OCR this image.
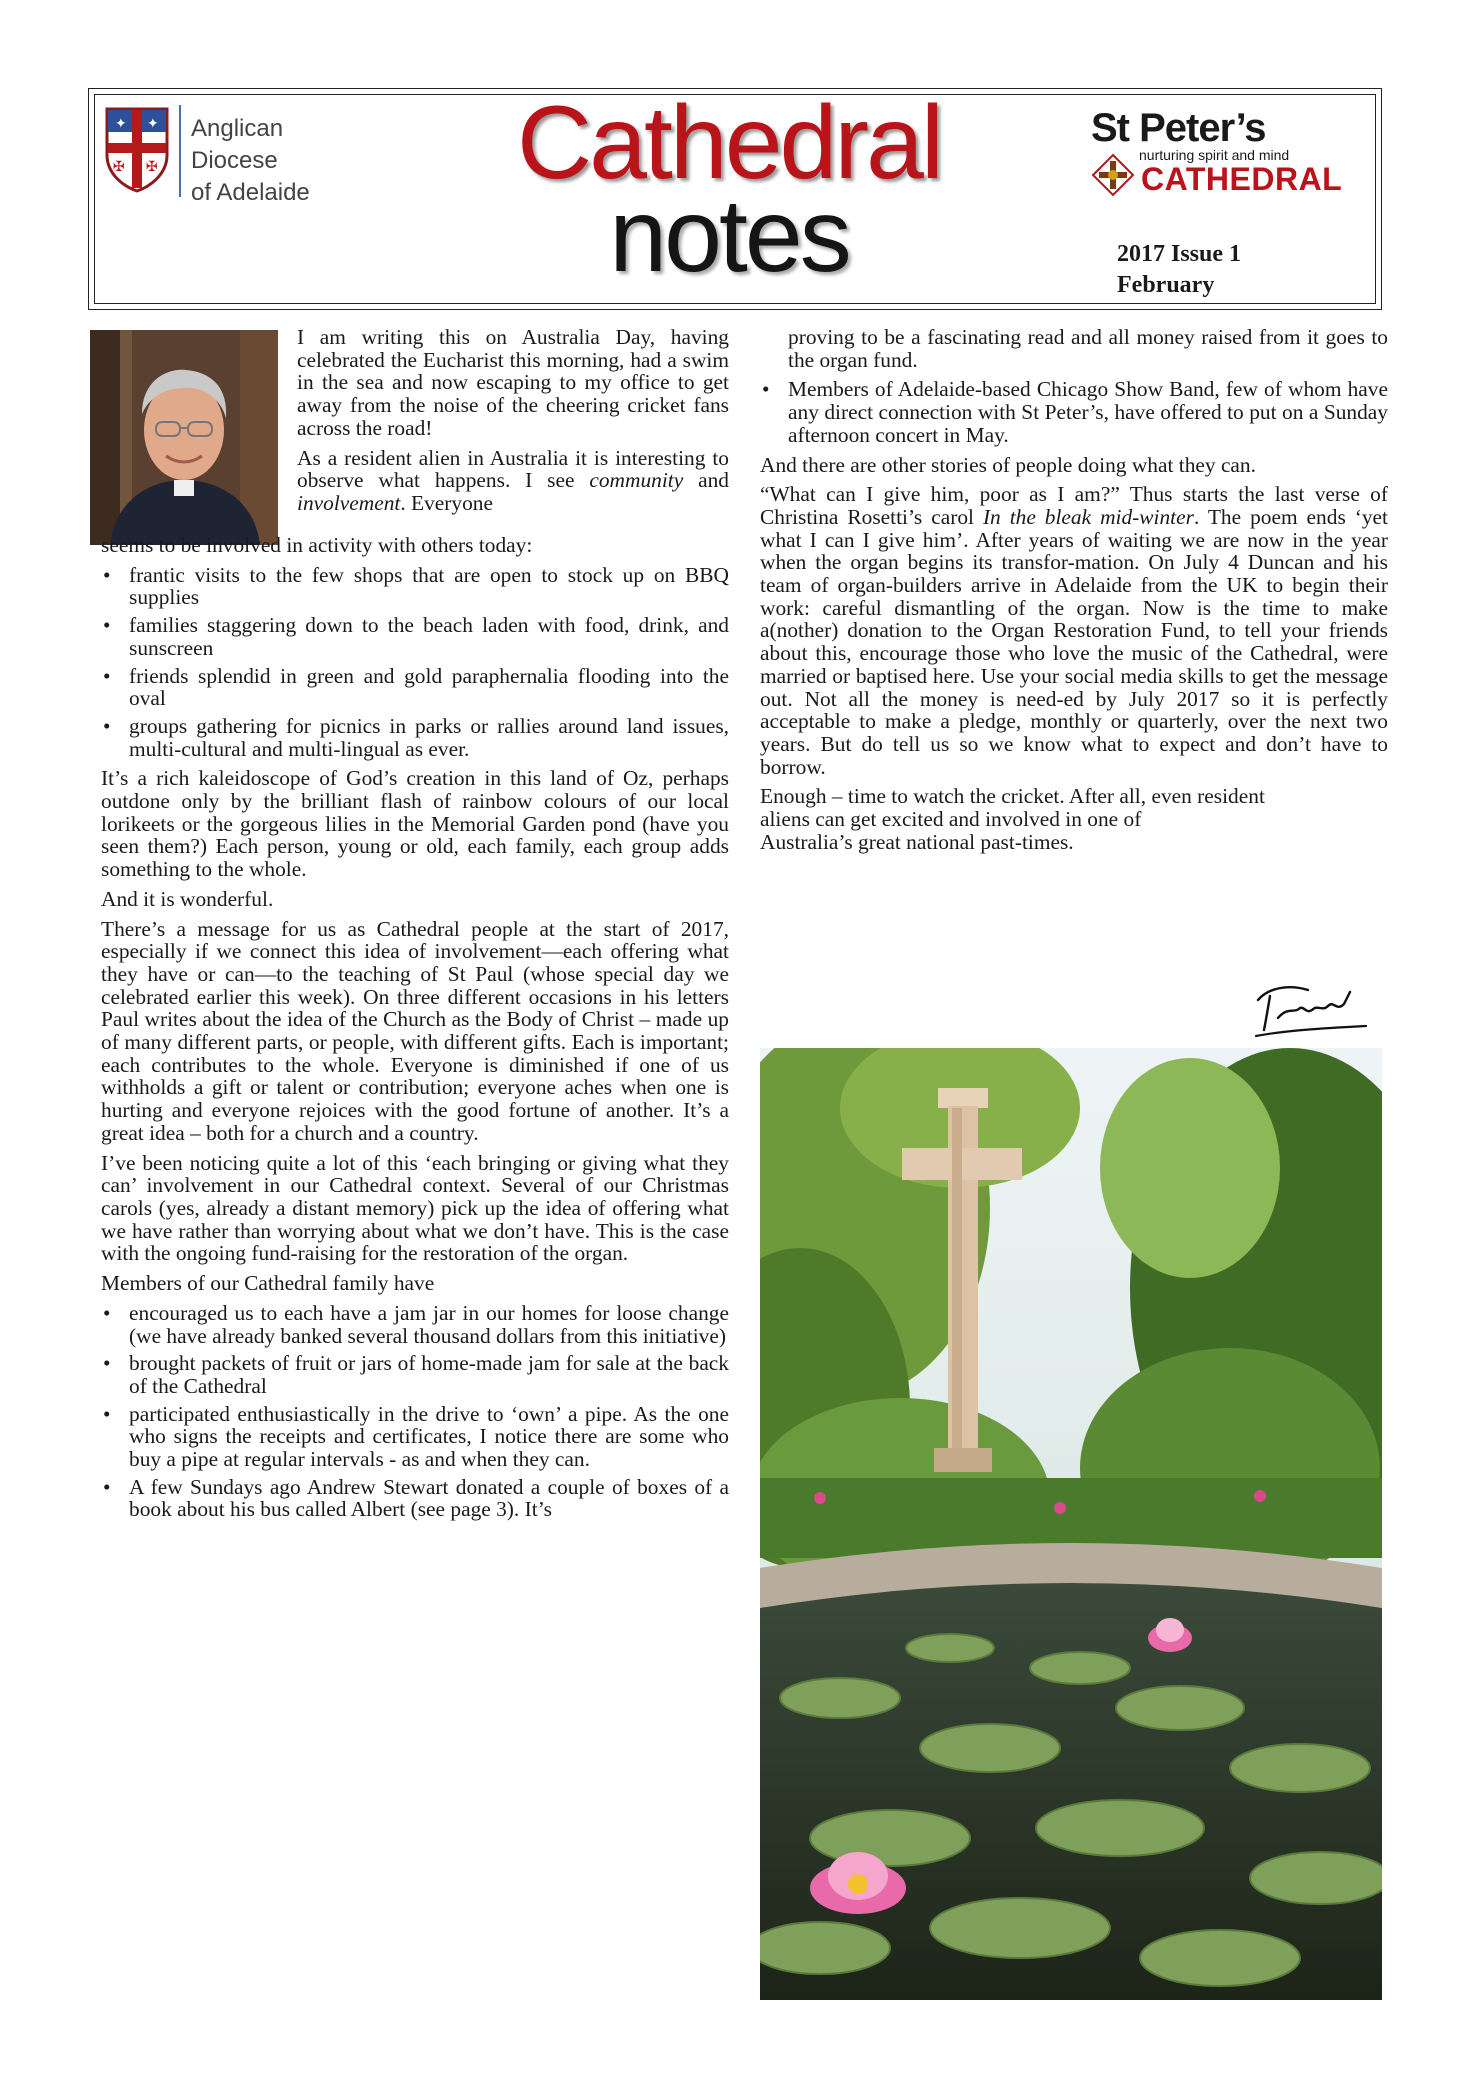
✦ ✦
✠ ✠
Anglican Diocese
of Adelaide	Cathedral
notes
St Peter’s
nurturing spirit and mind
CATHEDRAL
2017 Issue 1
February

I am writing this on Australia Day, having celebrated the Eucharist this morning, had a swim in the sea and now escaping to my office to get away from the noise of the cheering cricket fans across the road!

As a resident alien in Australia it is interesting to observe what happens. I see community and involvement. Everyone

seems to be involved in activity with others today:

• frantic visits to the few shops that are open to stock up on BBQ supplies
• families staggering down to the beach laden with food, drink, and sunscreen
• friends splendid in green and gold paraphernalia flooding into the oval
• groups gathering for picnics in parks or rallies around land issues, multi-cultural and multi-lingual as ever.

It’s a rich kaleidoscope of God’s creation in this land of Oz, perhaps outdone only by the brilliant flash of rainbow colours of our local lorikeets or the gorgeous lilies in the Memorial Garden pond (have you seen them?) Each person, young or old, each family, each group adds something to the whole.

And it is wonderful.

There’s a message for us as Cathedral people at the start of 2017, especially if we connect this idea of involvement—each offering what they have or can—to the teaching of St Paul (whose special day we celebrated earlier this week). On three different occasions in his letters Paul writes about the idea of the Church as the Body of Christ – made up of many different parts, or people, with different gifts. Each is important; each contributes to the whole. Everyone is diminished if one of us withholds a gift or talent or contribution; everyone aches when one is hurting and everyone rejoices with the good fortune of another. It’s a great idea – both for a church and a country.

I’ve been noticing quite a lot of this ‘each bringing or giving what they can’ involvement in our Cathedral context. Several of our Christmas carols (yes, already a distant memory) pick up the idea of offering what we have rather than worrying about what we don’t have. This is the case with the ongoing fund-raising for the restoration of the organ.

Members of our Cathedral family have

• encouraged us to each have a jam jar in our homes for loose change (we have already banked several thousand dollars from this initiative)
• brought packets of fruit or jars of home-made jam for sale at the back of the Cathedral
• participated enthusiastically in the drive to ‘own’ a pipe. As the one who signs the receipts and certificates, I notice there are some who buy a pipe at regular intervals - as and when they can.
• A few Sundays ago Andrew Stewart donated a couple of boxes of a book about his bus called Albert (see page 3). It’s

proving to be a fascinating read and all money raised from it goes to the organ fund.

• Members of Adelaide-based Chicago Show Band, few of whom have any direct connection with St Peter’s, have offered to put on a Sunday afternoon concert in May.

And there are other stories of people doing what they can.

“What can I give him, poor as I am?” Thus starts the last verse of Christina Rosetti’s carol In the bleak mid-winter. The poem ends ‘yet what I can I give him’. After years of waiting we are now in the year when the organ begins its transfor-mation. On July 4 Duncan and his team of organ-builders arrive in Adelaide from the UK to begin their work: careful dismantling of the organ. Now is the time to make a(nother) donation to the Organ Restoration Fund, to tell your friends about this, encourage those who love the music of the Cathedral, were married or baptised here. Use your social media skills to get the message out. Not all the money is need-ed by July 2017 so it is perfectly acceptable to make a pledge, monthly or quarterly, over the next two years. But do tell us so we know what to expect and don’t have to borrow.

Enough – time to watch the cricket. After all, even resident
aliens can get excited and involved in one of
Australia’s great national past-times.
